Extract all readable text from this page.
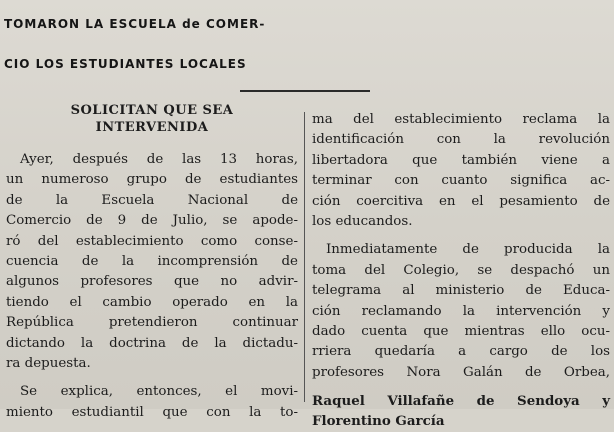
TOMARON LA ESCUELA de COMER-
CIO LOS ESTUDIANTES LOCALES
SOLICITAN QUE SEA
INTERVENIDA
Ayer, después de las 13 horas,
un numeroso grupo de estudiantes
de la Escuela Nacional de
Comercio de 9 de Julio, se apode-
ró del establecimiento como conse-
cuencia de la incomprensión de
algunos profesores que no advir-
tiendo el cambio operado en la
República pretendieron continuar
dictando la doctrina de la dictadu-
ra depuesta.
Se explica, entonces, el movi-
miento estudiantil que con la to-
ma del establecimiento reclama la
identificación con la revolución
libertadora que también viene a
terminar con cuanto significa ac-
ción coercitiva en el pesamiento de
los educandos.
Inmediatamente de producida la
toma del Colegio, se despachó un
telegrama al ministerio de Educa-
ción reclamando la intervención y
dado cuenta que mientras ello ocu-
rriera quedaría a cargo de los
profesores Nora Galán de Orbea,
Raquel Villafañe de Sendoya y
Florentino García
